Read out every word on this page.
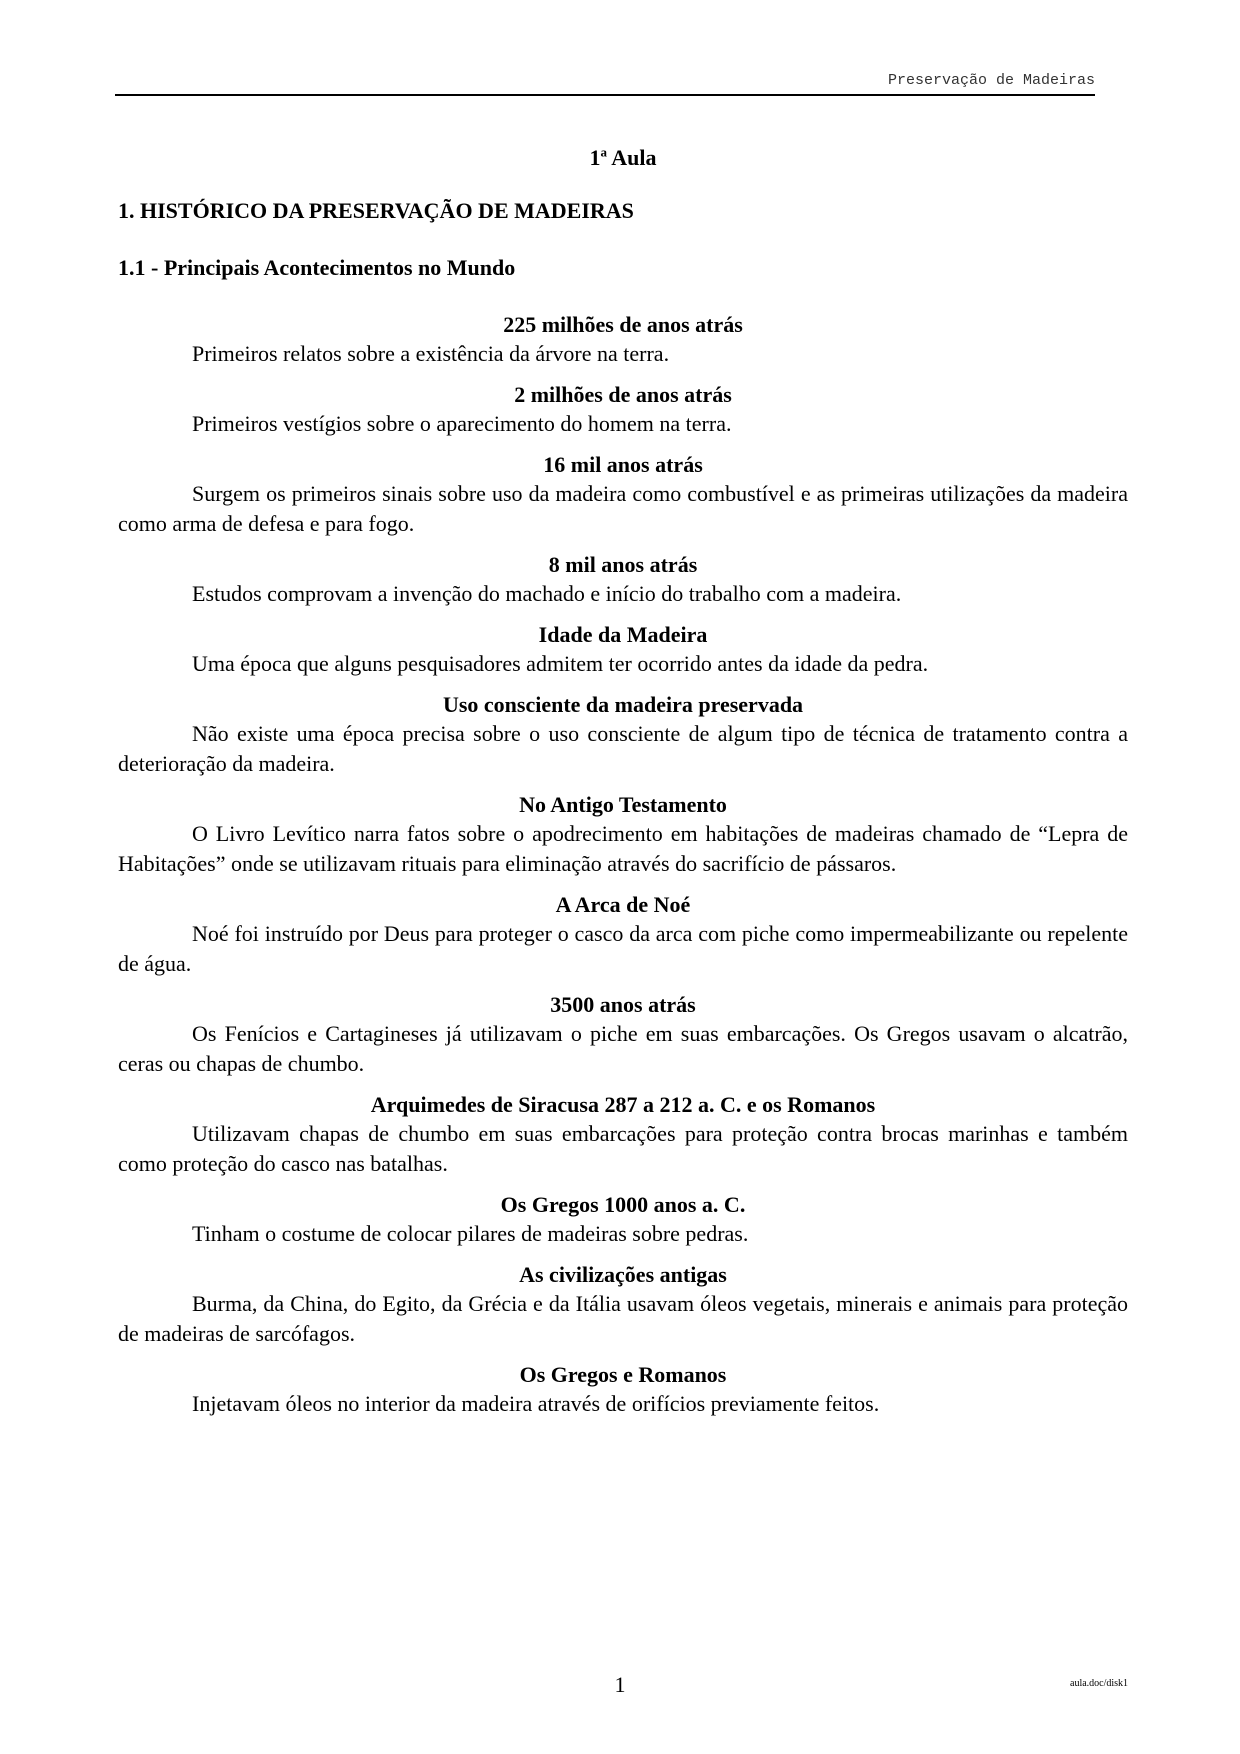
Preservação de Madeiras
1$^a$ Aula
1. HISTÓRICO DA PRESERVAÇÃO DE MADEIRAS
1.1 - Principais Acontecimentos no Mundo
225 milhões de anos atrás
Primeiros relatos sobre a existência da árvore na terra.
2 milhões de anos atrás
Primeiros vestígios sobre o aparecimento do homem na terra.
16 mil anos atrás
Surgem os primeiros sinais sobre uso da madeira como combustível e as primeiras utilizações da madeira como arma de defesa e para fogo.
8 mil anos atrás
Estudos comprovam a invenção do machado e início do trabalho com a madeira.
Idade da Madeira
Uma época que alguns pesquisadores admitem ter ocorrido antes da idade da pedra.
Uso consciente da madeira preservada
Não existe uma época precisa sobre o uso consciente de algum tipo de técnica de tratamento contra a deterioração da madeira.
No Antigo Testamento
O Livro Levítico narra fatos sobre o apodrecimento em habitações de madeiras chamado de “Lepra de Habitações” onde se utilizavam rituais para eliminação através do sacrifício de pássaros.
A Arca de Noé
Noé foi instruído por Deus para proteger o casco da arca com piche como impermeabilizante ou repelente de água.
3500 anos atrás
Os Fenícios e Cartagineses já utilizavam o piche em suas embarcações. Os Gregos usavam o alcatrão, ceras ou chapas de chumbo.
Arquimedes de Siracusa 287 a 212 a. C. e os Romanos
Utilizavam chapas de chumbo em suas embarcações para proteção contra brocas marinhas e também como proteção do casco nas batalhas.
Os Gregos 1000 anos a. C.
Tinham o costume de colocar pilares de madeiras sobre pedras.
As civilizações antigas
Burma, da China, do Egito, da Grécia e da Itália usavam óleos vegetais, minerais e animais para proteção de madeiras de sarcófagos.
Os Gregos e Romanos
Injetavam óleos no interior da madeira através de orifícios previamente feitos.
1	aula.doc/disk1
